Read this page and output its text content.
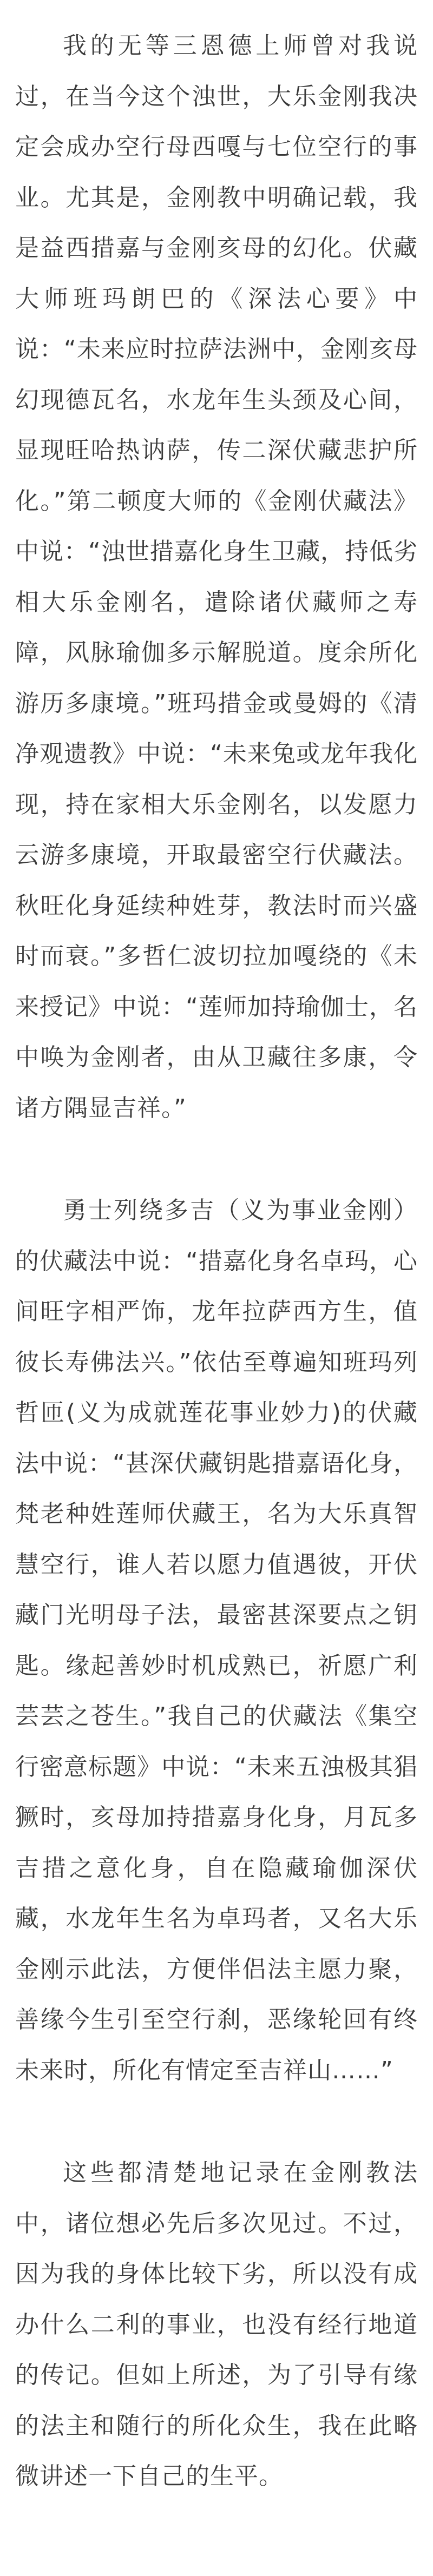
我的无等三恩德上师曾对我说过，在当今这个浊世，大乐金刚我决定会成办空行母西嘎与七位空行的事业。尤其是，金刚教中明确记载，我是益西措嘉与金刚亥母的幻化。伏藏大师班玛朗巴的《深法心要》中说：“未来应时拉萨法洲中，金刚亥母幻现德瓦名，水龙年生头颈及心间，显现旺哈热讷萨，传二深伏藏悲护所化。”第二顿度大师的《金刚伏藏法》中说：“浊世措嘉化身生卫藏，持低劣相大乐金刚名，遣除诸伏藏师之寿障，风脉瑜伽多示解脱道。度余所化游历多康境。”班玛措金或曼姆的《清净观遗教》中说：“未来兔或龙年我化现，持在家相大乐金刚名，以发愿力云游多康境，开取最密空行伏藏法。秋旺化身延续种姓芽，教法时而兴盛时而衰。”多哲仁波切拉加嘎绕的《未来授记》中说：“莲师加持瑜伽士，名中唤为金刚者，由从卫藏往多康，令诸方隅显吉祥。”

勇士列绕多吉（义为事业金刚）的伏藏法中说：“措嘉化身名卓玛，心间旺字相严饰，龙年拉萨西方生，值彼长寿佛法兴。”依估至尊遍知班玛列哲匝(义为成就莲花事业妙力)的伏藏法中说：“甚深伏藏钥匙措嘉语化身，梵老种姓莲师伏藏王，名为大乐真智慧空行，谁人若以愿力值遇彼，开伏藏门光明母子法，最密甚深要点之钥匙。缘起善妙时机成熟已，祈愿广利芸芸之苍生。”我自己的伏藏法《集空行密意标题》中说：“未来五浊极其猖獗时，亥母加持措嘉身化身，月瓦多吉措之意化身，自在隐藏瑜伽深伏藏，水龙年生名为卓玛者，又名大乐金刚示此法，方便伴侣法主愿力聚，善缘今生引至空行刹，恶缘轮回有终未来时，所化有情定至吉祥山……”

这些都清楚地记录在金刚教法中，诸位想必先后多次见过。不过，因为我的身体比较下劣，所以没有成办什么二利的事业，也没有经行地道的传记。但如上所述，为了引导有缘的法主和随行的所化众生，我在此略微讲述一下自己的生平。
